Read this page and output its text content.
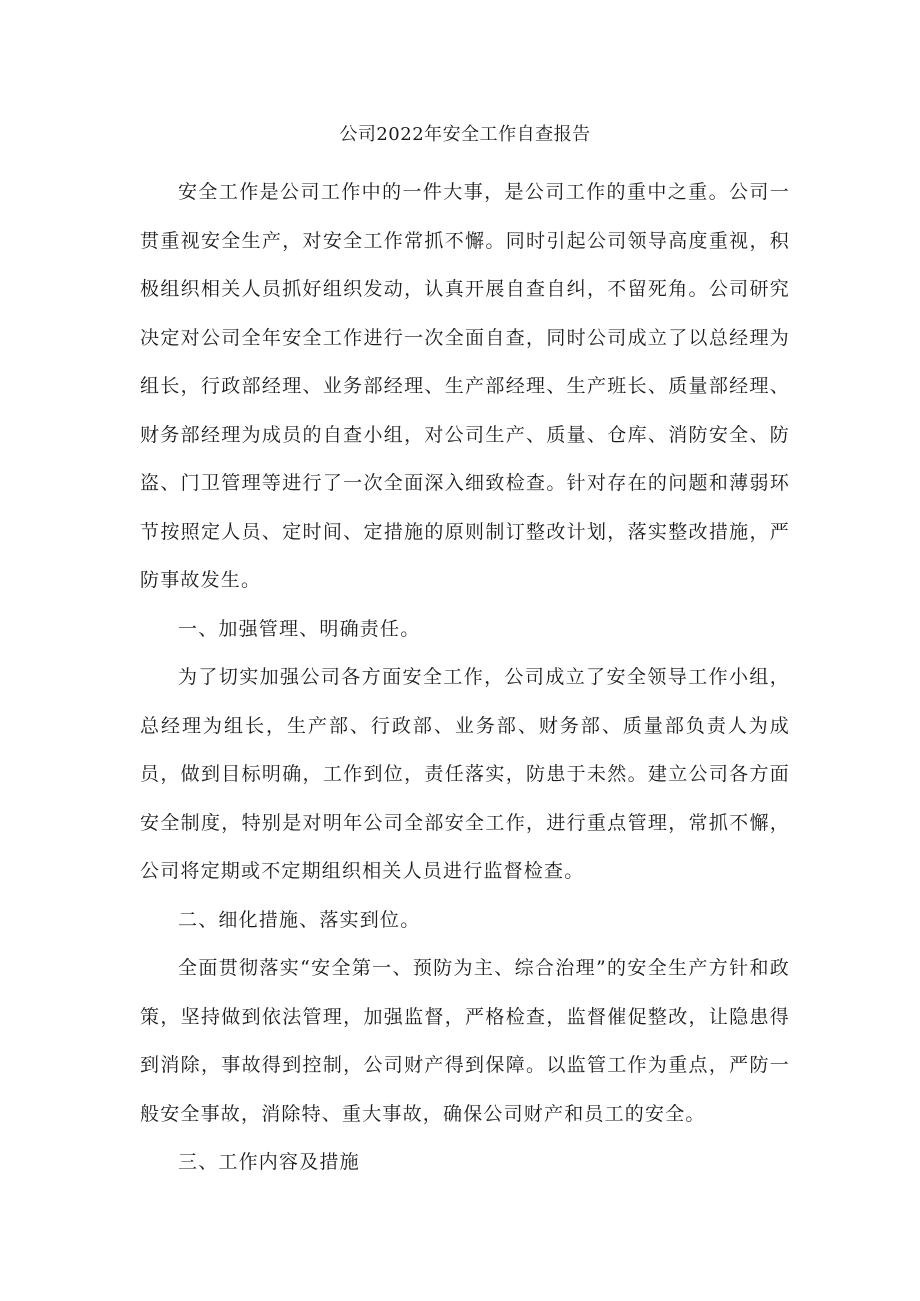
公司2022年安全工作自查报告

安全工作是公司工作中的一件大事，是公司工作的重中之重。公司一贯重视安全生产，对安全工作常抓不懈。同时引起公司领导高度重视，积极组织相关人员抓好组织发动，认真开展自查自纠，不留死角。公司研究决定对公司全年安全工作进行一次全面自查，同时公司成立了以总经理为组长，行政部经理、业务部经理、生产部经理、生产班长、质量部经理、财务部经理为成员的自查小组，对公司生产、质量、仓库、消防安全、防盗、门卫管理等进行了一次全面深入细致检查。针对存在的问题和薄弱环节按照定人员、定时间、定措施的原则制订整改计划，落实整改措施，严防事故发生。

一、加强管理、明确责任。

为了切实加强公司各方面安全工作，公司成立了安全领导工作小组，总经理为组长，生产部、行政部、业务部、财务部、质量部负责人为成员，做到目标明确，工作到位，责任落实，防患于未然。建立公司各方面安全制度，特别是对明年公司全部安全工作，进行重点管理，常抓不懈，公司将定期或不定期组织相关人员进行监督检查。

二、细化措施、落实到位。

全面贯彻落实“安全第一、预防为主、综合治理”的安全生产方针和政策，坚持做到依法管理，加强监督，严格检查，监督催促整改，让隐患得到消除，事故得到控制，公司财产得到保障。以监管工作为重点，严防一般安全事故，消除特、重大事故，确保公司财产和员工的安全。

三、工作内容及措施
